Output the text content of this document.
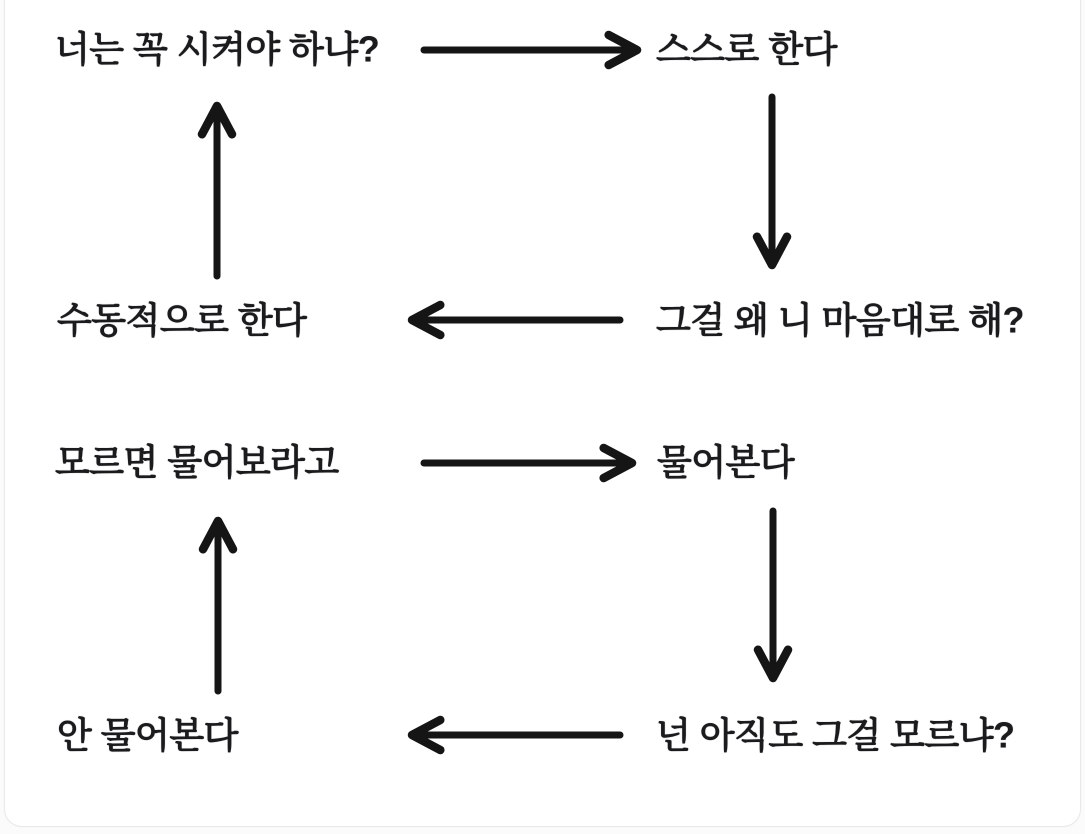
너는 꼭 시켜야 하냐?	스스로 한다
수동적으로 한다	그걸 왜 니 마음대로 해?
모르면 물어보라고	물어본다
안 물어본다	넌 아직도 그걸 모르냐?
